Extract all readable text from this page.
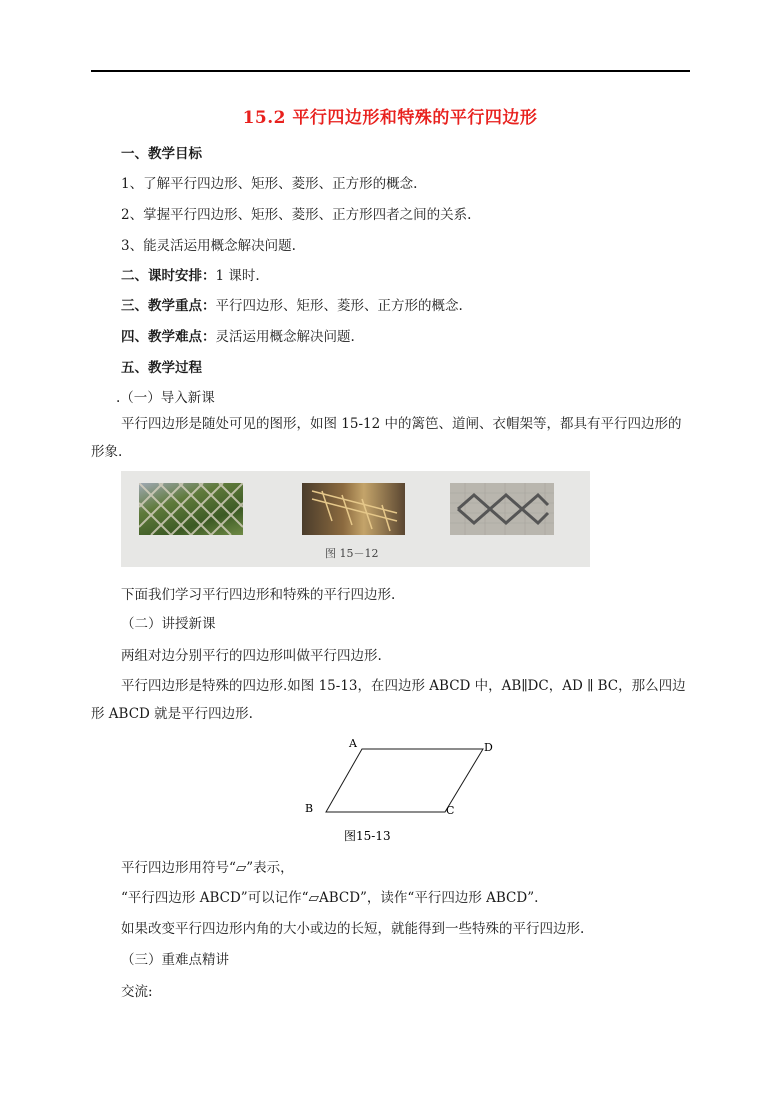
15.2 平行四边形和特殊的平行四边形
一、教学目标
1、了解平行四边形、矩形、菱形、正方形的概念.
2、掌握平行四边形、矩形、菱形、正方形四者之间的关系.
3、能灵活运用概念解决问题.
二、课时安排：1 课时.
三、教学重点：平行四边形、矩形、菱形、正方形的概念.
四、教学难点：灵活运用概念解决问题.
五、教学过程
.（一）导入新课
平行四边形是随处可见的图形，如图 15-12 中的篱笆、道闸、衣帽架等，都具有平行四边形的形象.
图 15－12
下面我们学习平行四边形和特殊的平行四边形.
（二）讲授新课
两组对边分别平行的四边形叫做平行四边形.
平行四边形是特殊的四边形.如图 15-13，在四边形 ABCD 中，AB∥DC，AD ∥ BC，那么四边形 ABCD 就是平行四边形.
A	D
B	C
图15-13
平行四边形用符号“▱”表示，
“平行四边形 ABCD”可以记作“▱ABCD”，读作“平行四边形 ABCD”.
如果改变平行四边形内角的大小或边的长短，就能得到一些特殊的平行四边形.
（三）重难点精讲
交流:
